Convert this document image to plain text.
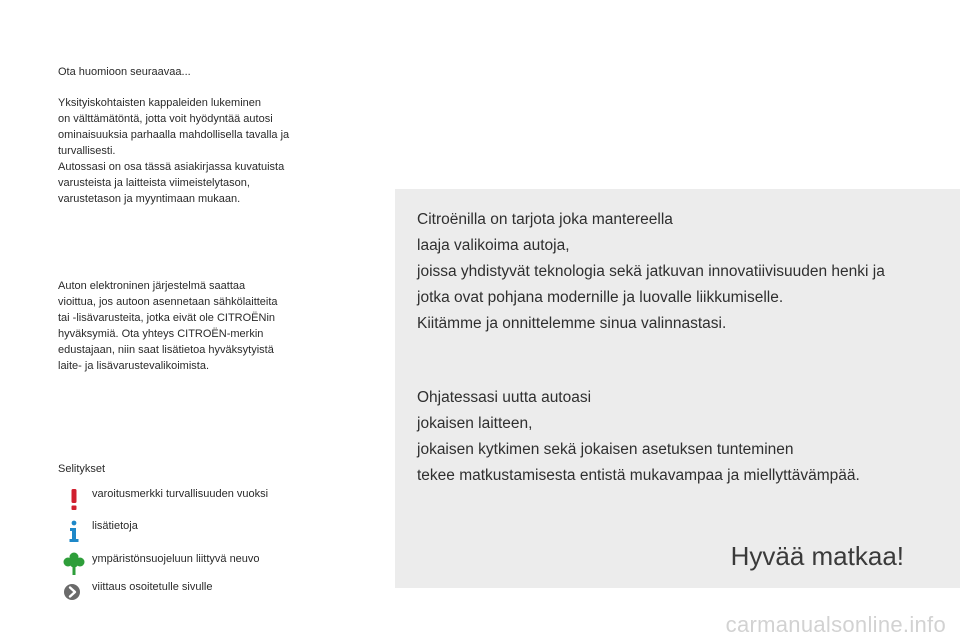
Ota huomioon seuraavaa...
Yksityiskohtaisten kappaleiden lukeminen
on välttämätöntä, jotta voit hyödyntää autosi
ominaisuuksia parhaalla mahdollisella tavalla ja
turvallisesti.
Autossasi on osa tässä asiakirjassa kuvatuista
varusteista ja laitteista viimeistelytason,
varustetason ja myyntimaan mukaan.
Auton elektroninen järjestelmä saattaa
vioittua, jos autoon asennetaan sähkölaitteita
tai -lisävarusteita, jotka eivät ole CITROËNin
hyväksymiä. Ota yhteys CITROËN-merkin
edustajaan, niin saat lisätietoa hyväksytyistä
laite- ja lisävarustevalikoimista.
Selitykset
varoitusmerkki turvallisuuden vuoksi
lisätietoja
ympäristönsuojeluun liittyvä neuvo
viittaus osoitetulle sivulle
Citroënilla on tarjota joka mantereella
laaja valikoima autoja,
joissa yhdistyvät teknologia sekä jatkuvan innovatiivisuuden henki ja
jotka ovat pohjana modernille ja luovalle liikkumiselle.
Kiitämme ja onnittelemme sinua valinnastasi.
Ohjatessasi uutta autoasi
jokaisen laitteen,
jokaisen kytkimen sekä jokaisen asetuksen tunteminen
tekee matkustamisesta entistä mukavampaa ja miellyttävämpää.
Hyvää matkaa!
carmanualsonline.info
